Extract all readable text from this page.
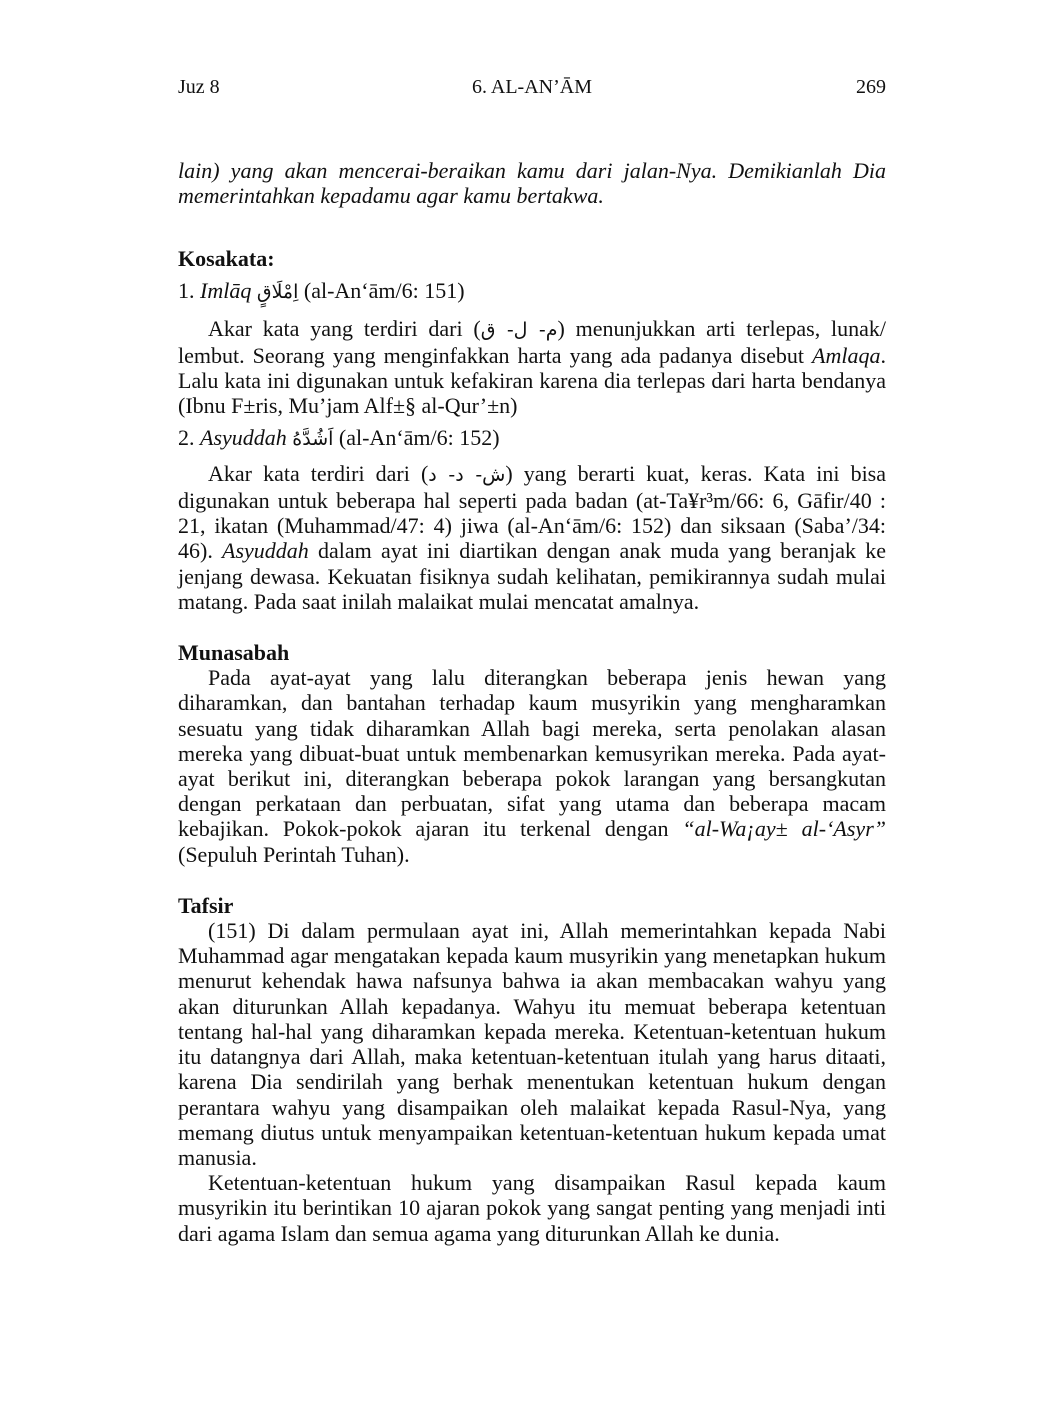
Juz 8	6. AL-AN’ĀM	269

lain) yang akan mencerai-beraikan kamu dari jalan-Nya. Demikianlah Dia memerintahkan kepadamu agar kamu bertakwa.

Kosakata:

1. Imlāq اِمْلَاقٍ (al-An‘ām/6: 151)

Akar kata yang terdiri dari (م- ل- ق) menunjukkan arti terlepas, lunak/ lembut. Seorang yang menginfakkan harta yang ada padanya disebut Amlaqa. Lalu kata ini digunakan untuk kefakiran karena dia terlepas dari harta bendanya (Ibnu F±ris, Mu’jam Alf±§ al-Qur’±n)

2. Asyuddah اَشُدَّهُ (al-An‘ām/6: 152)

Akar kata terdiri dari (ش- د- د) yang berarti kuat, keras. Kata ini bisa digunakan untuk beberapa hal seperti pada badan (at-Ta¥r³m/66: 6, Gāfir/40 : 21, ikatan (Muhammad/47: 4) jiwa (al-An‘ām/6: 152) dan siksaan (Saba’/34: 46). Asyuddah dalam ayat ini diartikan dengan anak muda yang beranjak ke jenjang dewasa. Kekuatan fisiknya sudah kelihatan, pemikirannya sudah mulai matang. Pada saat inilah malaikat mulai mencatat amalnya.

Munasabah

Pada ayat-ayat yang lalu diterangkan beberapa jenis hewan yang diharamkan, dan bantahan terhadap kaum musyrikin yang mengharamkan sesuatu yang tidak diharamkan Allah bagi mereka, serta penolakan alasan mereka yang dibuat-buat untuk membenarkan kemusyrikan mereka. Pada ayat-ayat berikut ini, diterangkan beberapa pokok larangan yang bersangkutan dengan perkataan dan perbuatan, sifat yang utama dan beberapa macam kebajikan. Pokok-pokok ajaran itu terkenal dengan “al-Wa¡ay± al-‘Asyr” (Sepuluh Perintah Tuhan).

Tafsir

(151) Di dalam permulaan ayat ini, Allah memerintahkan kepada Nabi Muhammad agar mengatakan kepada kaum musyrikin yang menetapkan hukum menurut kehendak hawa nafsunya bahwa ia akan membacakan wahyu yang akan diturunkan Allah kepadanya. Wahyu itu memuat beberapa ketentuan tentang hal-hal yang diharamkan kepada mereka. Ketentuan-ketentuan hukum itu datangnya dari Allah, maka ketentuan-ketentuan itulah yang harus ditaati, karena Dia sendirilah yang berhak menentukan ketentuan hukum dengan perantara wahyu yang disampaikan oleh malaikat kepada Rasul-Nya, yang memang diutus untuk menyampaikan ketentuan-ketentuan hukum kepada umat manusia.

Ketentuan-ketentuan hukum yang disampaikan Rasul kepada kaum musyrikin itu berintikan 10 ajaran pokok yang sangat penting yang menjadi inti dari agama Islam dan semua agama yang diturunkan Allah ke dunia.
